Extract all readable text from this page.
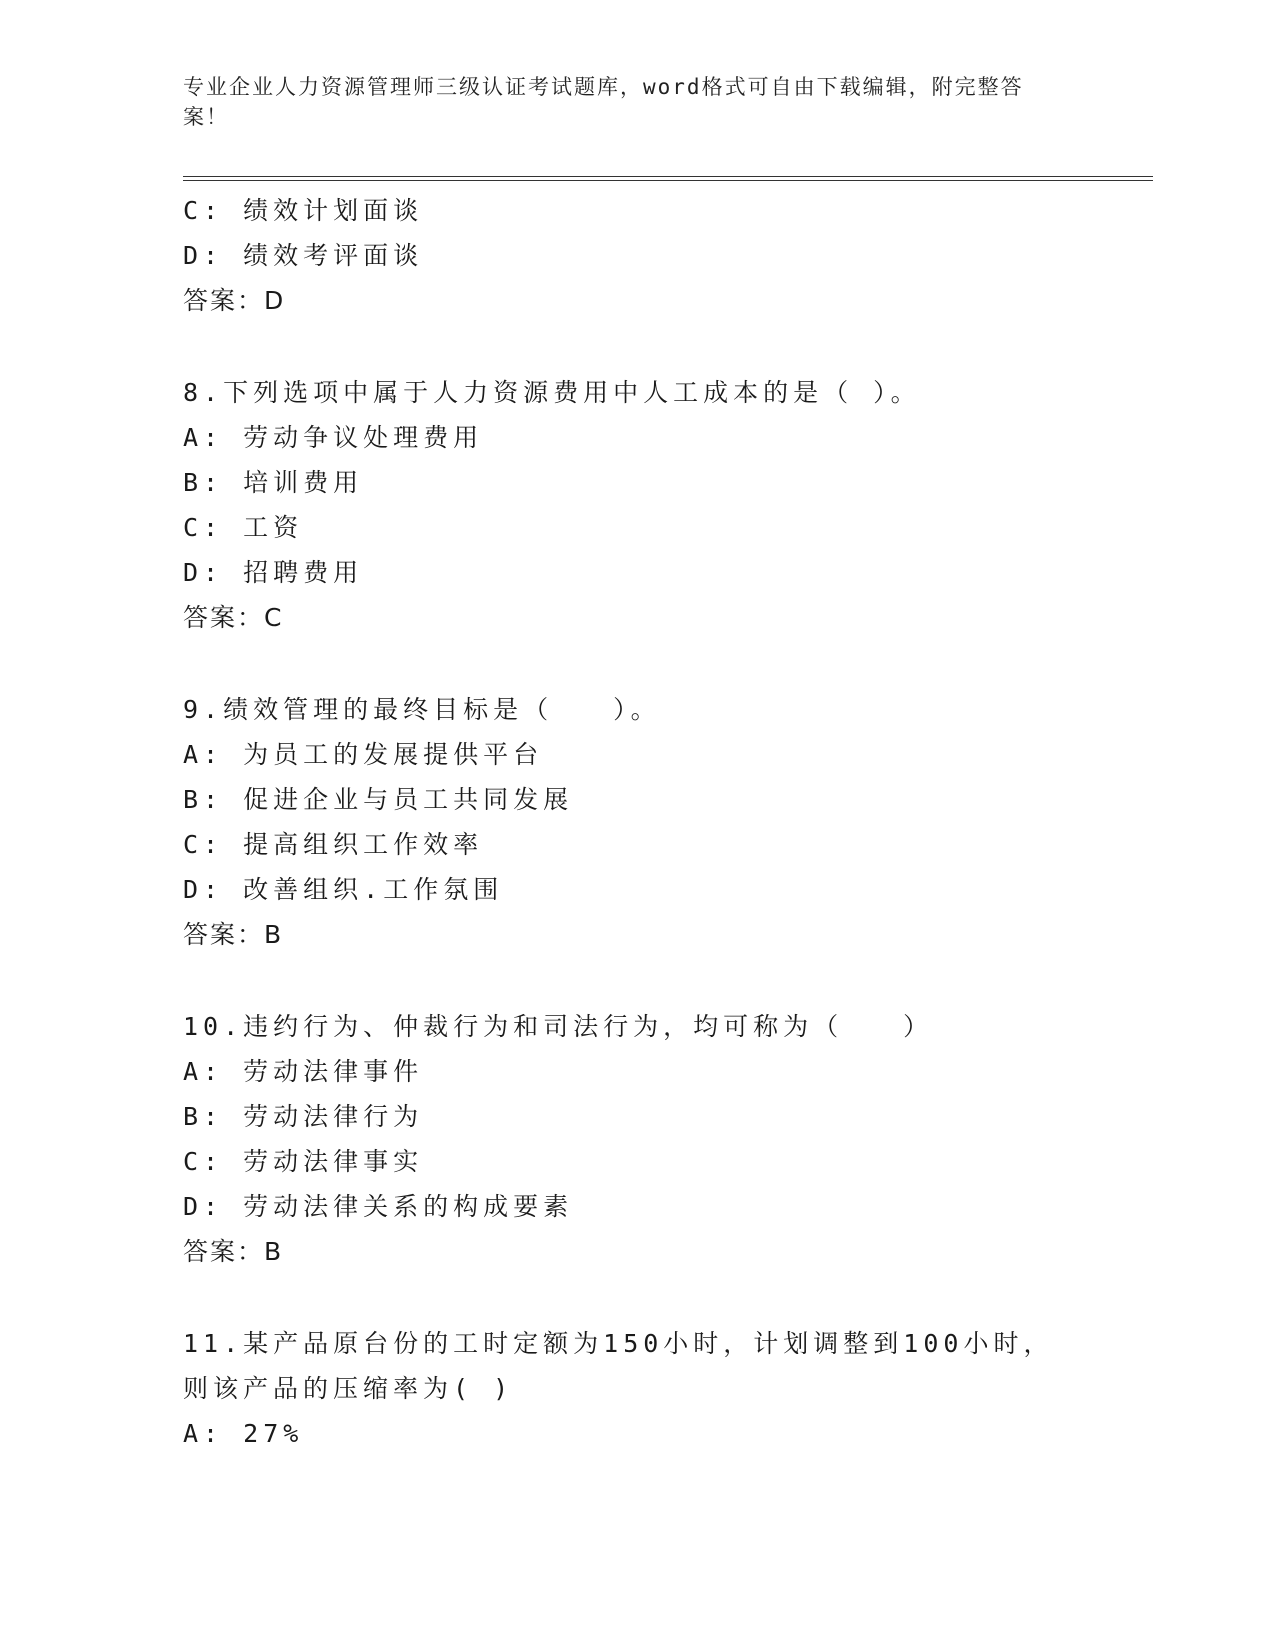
专业企业人力资源管理师三级认证考试题库，word格式可自由下载编辑，附完整答案！
C: 绩效计划面谈
D: 绩效考评面谈
答案：D
8.下列选项中属于人力资源费用中人工成本的是（ ）。
A: 劳动争议处理费用
B: 培训费用
C: 工资
D: 招聘费用
答案：C
9.绩效管理的最终目标是（　　）。
A: 为员工的发展提供平台
B: 促进企业与员工共同发展
C: 提高组织工作效率
D: 改善组织.工作氛围
答案：B
10.违约行为、仲裁行为和司法行为，均可称为（　　）
A: 劳动法律事件
B: 劳动法律行为
C: 劳动法律事实
D: 劳动法律关系的构成要素
答案：B
11.某产品原台份的工时定额为150小时，计划调整到100小时，则该产品的压缩率为( )
A: 27%
